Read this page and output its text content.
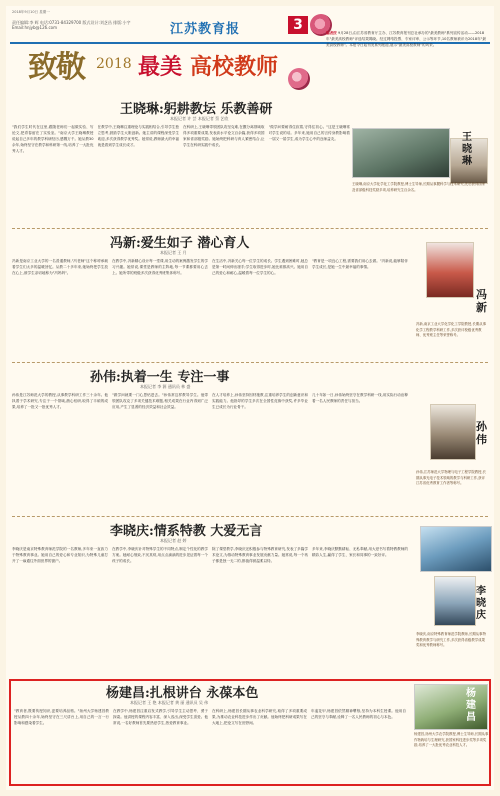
2018年9月10日 星期一
责任编辑:李 辉 电话:0731-84329700 版式设计:刘芝昌 排版:小宇 Email:hnjyb@126.com	江苏教育报	3	编者按 9月28日,由江苏省教育厅主办、江苏教育报刊总社承办的"最美教师"系列宣传活动——2018年"最美高校教师"评选结果揭晓。经过网络投票、专家评审、公示等环节,10名教师被评为2018年"最美高校教师"。本报今日起刊发系列报道,展示"最美高校教师"的风采。
致敬 2018 最美 高校教师
王晓琳:躬耕教坛 乐教善研
本报记者 许 芸 本报记者 蔡 艺欣
"我们学生时代在这里,跟随老师们一起做实验、写论文,把青春留在了实验室。"南京大学王晓琳教授说起自己多年的教学科研经历,感慨万千。她从教30余年,始终坚守在教学和科研第一线,培养了一大批优秀人才。
在教学中,王晓琳注重理论与实践相结合,引导学生独立思考,鼓励学生大胆创新。她主讲的课程深受学生欢迎,多次获得教学优秀奖。她常说,教师最大的幸福就是看到学生成长成才。
在科研上,王晓琳带领团队攻坚克难,在膜分离领域取得多项重要成果,发表高水平论文百余篇,获得多项国家和省部级奖励。她始终把科研与育人紧密结合,让学生在科研实践中成长。
"做学问要耐得住寂寞,守得住初心。"这是王晓琳常对学生说的话。多年来,她用自己的言传身教影响着一届又一届学生,成为学生心中的良师益友。	王晓琳
王晓琳,南京大学化学化工学院教授,博士生导师,长期从事膜科学与技术研究,先后获得国家及省部级科技奖励多项,培养研究生百余名。
冯新:爱生如子 潜心育人
本报记者 王 月
冯新是南京工业大学的一名普通教师,"冯老师"这个称呼承载着学生们太多的温暖回忆。从教二十多年来,她始终把学生放在心上,被学生亲切地称为"冯妈妈"。
在教学中,冯新精心设计每一堂课,用生动的案例激发学生的学习兴趣。她常说,课堂是教师的主阵地,每一节课都要用心去上。她所带的班级多次获得优秀班集体称号。
在生活中,冯新关心每一位学生的成长。学生遇到困难时,她总是第一时间伸出援手;学生取得进步时,她比谁都高兴。她用自己的爱心和耐心,温暖着每一位学生的心。
"教育是一项良心工程,需要我们用心去做。"冯新说,能够陪伴学生成长,是她一生中最幸福的事情。
冯新
冯新,南京工业大学化学化工学院教授,长期从事化学工程教学科研工作,多次获评校级优秀教师、优秀班主任等荣誉称号。
孙伟:执着一生 专注一事
本报记者 李 源 通讯员 林 盛
孙伟是江苏师范大学的教授,从事教学科研工作三十余年。他执着于学术研究,专注于一个领域,潜心钻研,取得了丰硕的成果,培养了一批又一批优秀人才。
"做学问就要一门心思钻进去。"孙伟常这样教导学生。他带领团队攻克了多项关键技术难题,相关成果在行业内得到广泛应用,产生了显著的经济效益和社会效益。
在人才培养上,孙伟坚持因材施教,注重培养学生的创新意识和实践能力。他指导的学生多次在全国性竞赛中获奖,许多毕业生已成长为行业骨干。
几十年如一日,孙伟始终坚守在教学科研一线,用实际行动诠释着一名人民教师的责任与担当。
孙伟
孙伟,江苏师范大学物理与电子工程学院教授,长期从事光电子技术领域的教学与科研工作,获评江苏省优秀教育工作者等称号。
李晓庆:情系特教 大爱无言
本报记者 赵 婷
李晓庆是南京特殊教育师范学院的一名教师,多年来一直致力于特殊教育事业。她用自己的爱心和专业知识,为特殊儿童打开了一扇通往外面世界的窗户。
在教学中,李晓庆针对特殊学生的不同特点,制定个性化的教学方案。她耐心细致,不厌其烦,用点点滴滴的进步见证着每一个孩子的成长。
除了课堂教学,李晓庆还积极参与特殊教育研究,发表了多篇学术论文,为推动特殊教育事业发展贡献力量。她常说,每一个孩子都是独一无二的,都值得被温柔以待。
多年来,李晓庆默默耕耘、无私奉献,用大爱书写着特教教师的精彩人生,赢得了学生、家长和同事的一致好评。
李晓庆
李晓庆,南京特殊教育师范学院教师,长期从事特殊教育教学与研究工作,多次获得省级教学成果奖和优秀教师称号。
杨建昌:扎根讲台 永葆本色
本报记者 王 艳 本报记者 黄 丽 通讯员 吴 伟
"教育者,既要传授知识,更要培养品格。"扬州大学杨建昌教授从教四十余年,始终坚守在三尺讲台上,用自己的一言一行影响和感染着学生。
在教学中,杨建昌注重启发式教学,引导学生主动思考、勇于探索。他讲授的课程内容丰富、深入浅出,深受学生喜爱。他常说,一名好教师首先要热爱学生,热爱教育事业。
在科研上,杨建昌长期从事农业科学研究,取得了多项重要成果,为推动农业科技进步作出了贡献。他始终把科研成果写在大地上,把论文写在田野间。
年逾花甲,杨建昌依然精神矍铄,坚持为本科生授课。他用自己的坚守与奉献,诠释了一名人民教师的初心与本色。
杨建昌
杨建昌,扬州大学农学院教授,博士生导师,长期从事作物栽培与生理研究,获国家科技进步奖等多项奖励,培养了一大批优秀农业科技人才。
